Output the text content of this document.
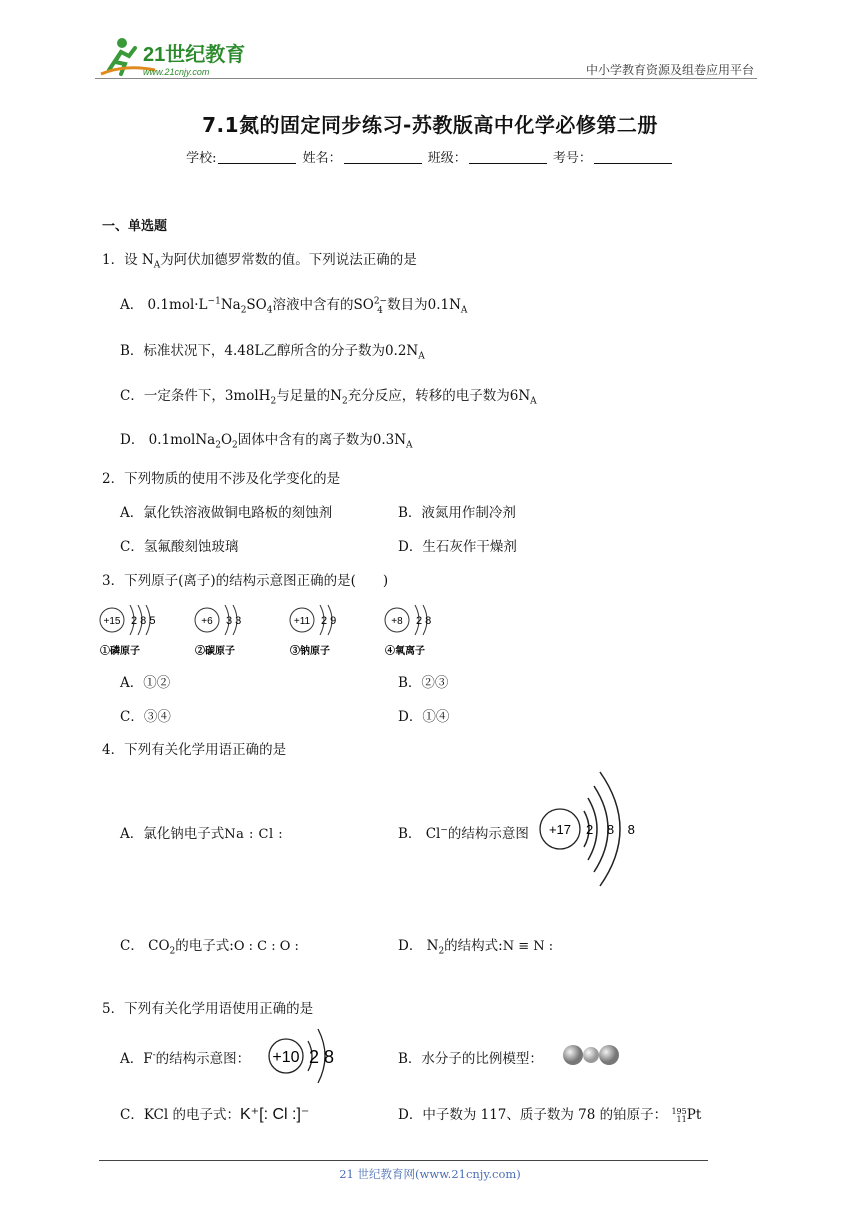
21世纪教育
www.21cnjy.com	中小学教育资源及组卷应用平台
7.1氮的固定同步练习-苏教版高中化学必修第二册
学校:	姓名：	班级：	考号：
一、单选题
1．设 $N_A$为阿伏加德罗常数的值。下列说法正确的是
A． $0.1mol\cdot L^{-1}Na_2SO_4$溶液中含有的$SO^{2-}_4$ 数目为$0.1N_A$
B．标准状况下，4.48L乙醇所含的分子数为$0.2N_A$
C．一定条件下，3molH$_2$与足量的$N_2$充分反应，转移的电子数为$6N_A$
D． $0.1molNa_2O_2$固体中含有的离子数为$0.3N_A$
2．下列物质的使用不涉及化学变化的是
A．氯化铁溶液做铜电路板的刻蚀剂	B．液氮用作制冷剂
C．氢氟酸刻蚀玻璃	D．生石灰作干燥剂
3．下列原子(离子)的结构示意图正确的是(　　)
+15 2 8 5
①磷原子
+6 3 3
②碳原子
+11 2 9
③钠原子
+8 2 8
④氧离子
A．①②	B．②③
C．③④	D．①④
4．下列有关化学用语正确的是
A．氯化钠电子式Na : Cl :	B． Cl−的结构示意图 +17 2 8 8
C． $CO_2$的电子式:O : C : O :	D． $N_2$的结构式:N ≡ N :
5．下列有关化学用语使用正确的是
A．F-的结构示意图： +10 2 8	B．水分子的比例模型：
C．KCl 的电子式：K⁺[: Cl :]⁻	D．中子数为 117、质子数为 78 的铂原子： 195
11Pt
21 世纪教育网(www.21cnjy.com)
